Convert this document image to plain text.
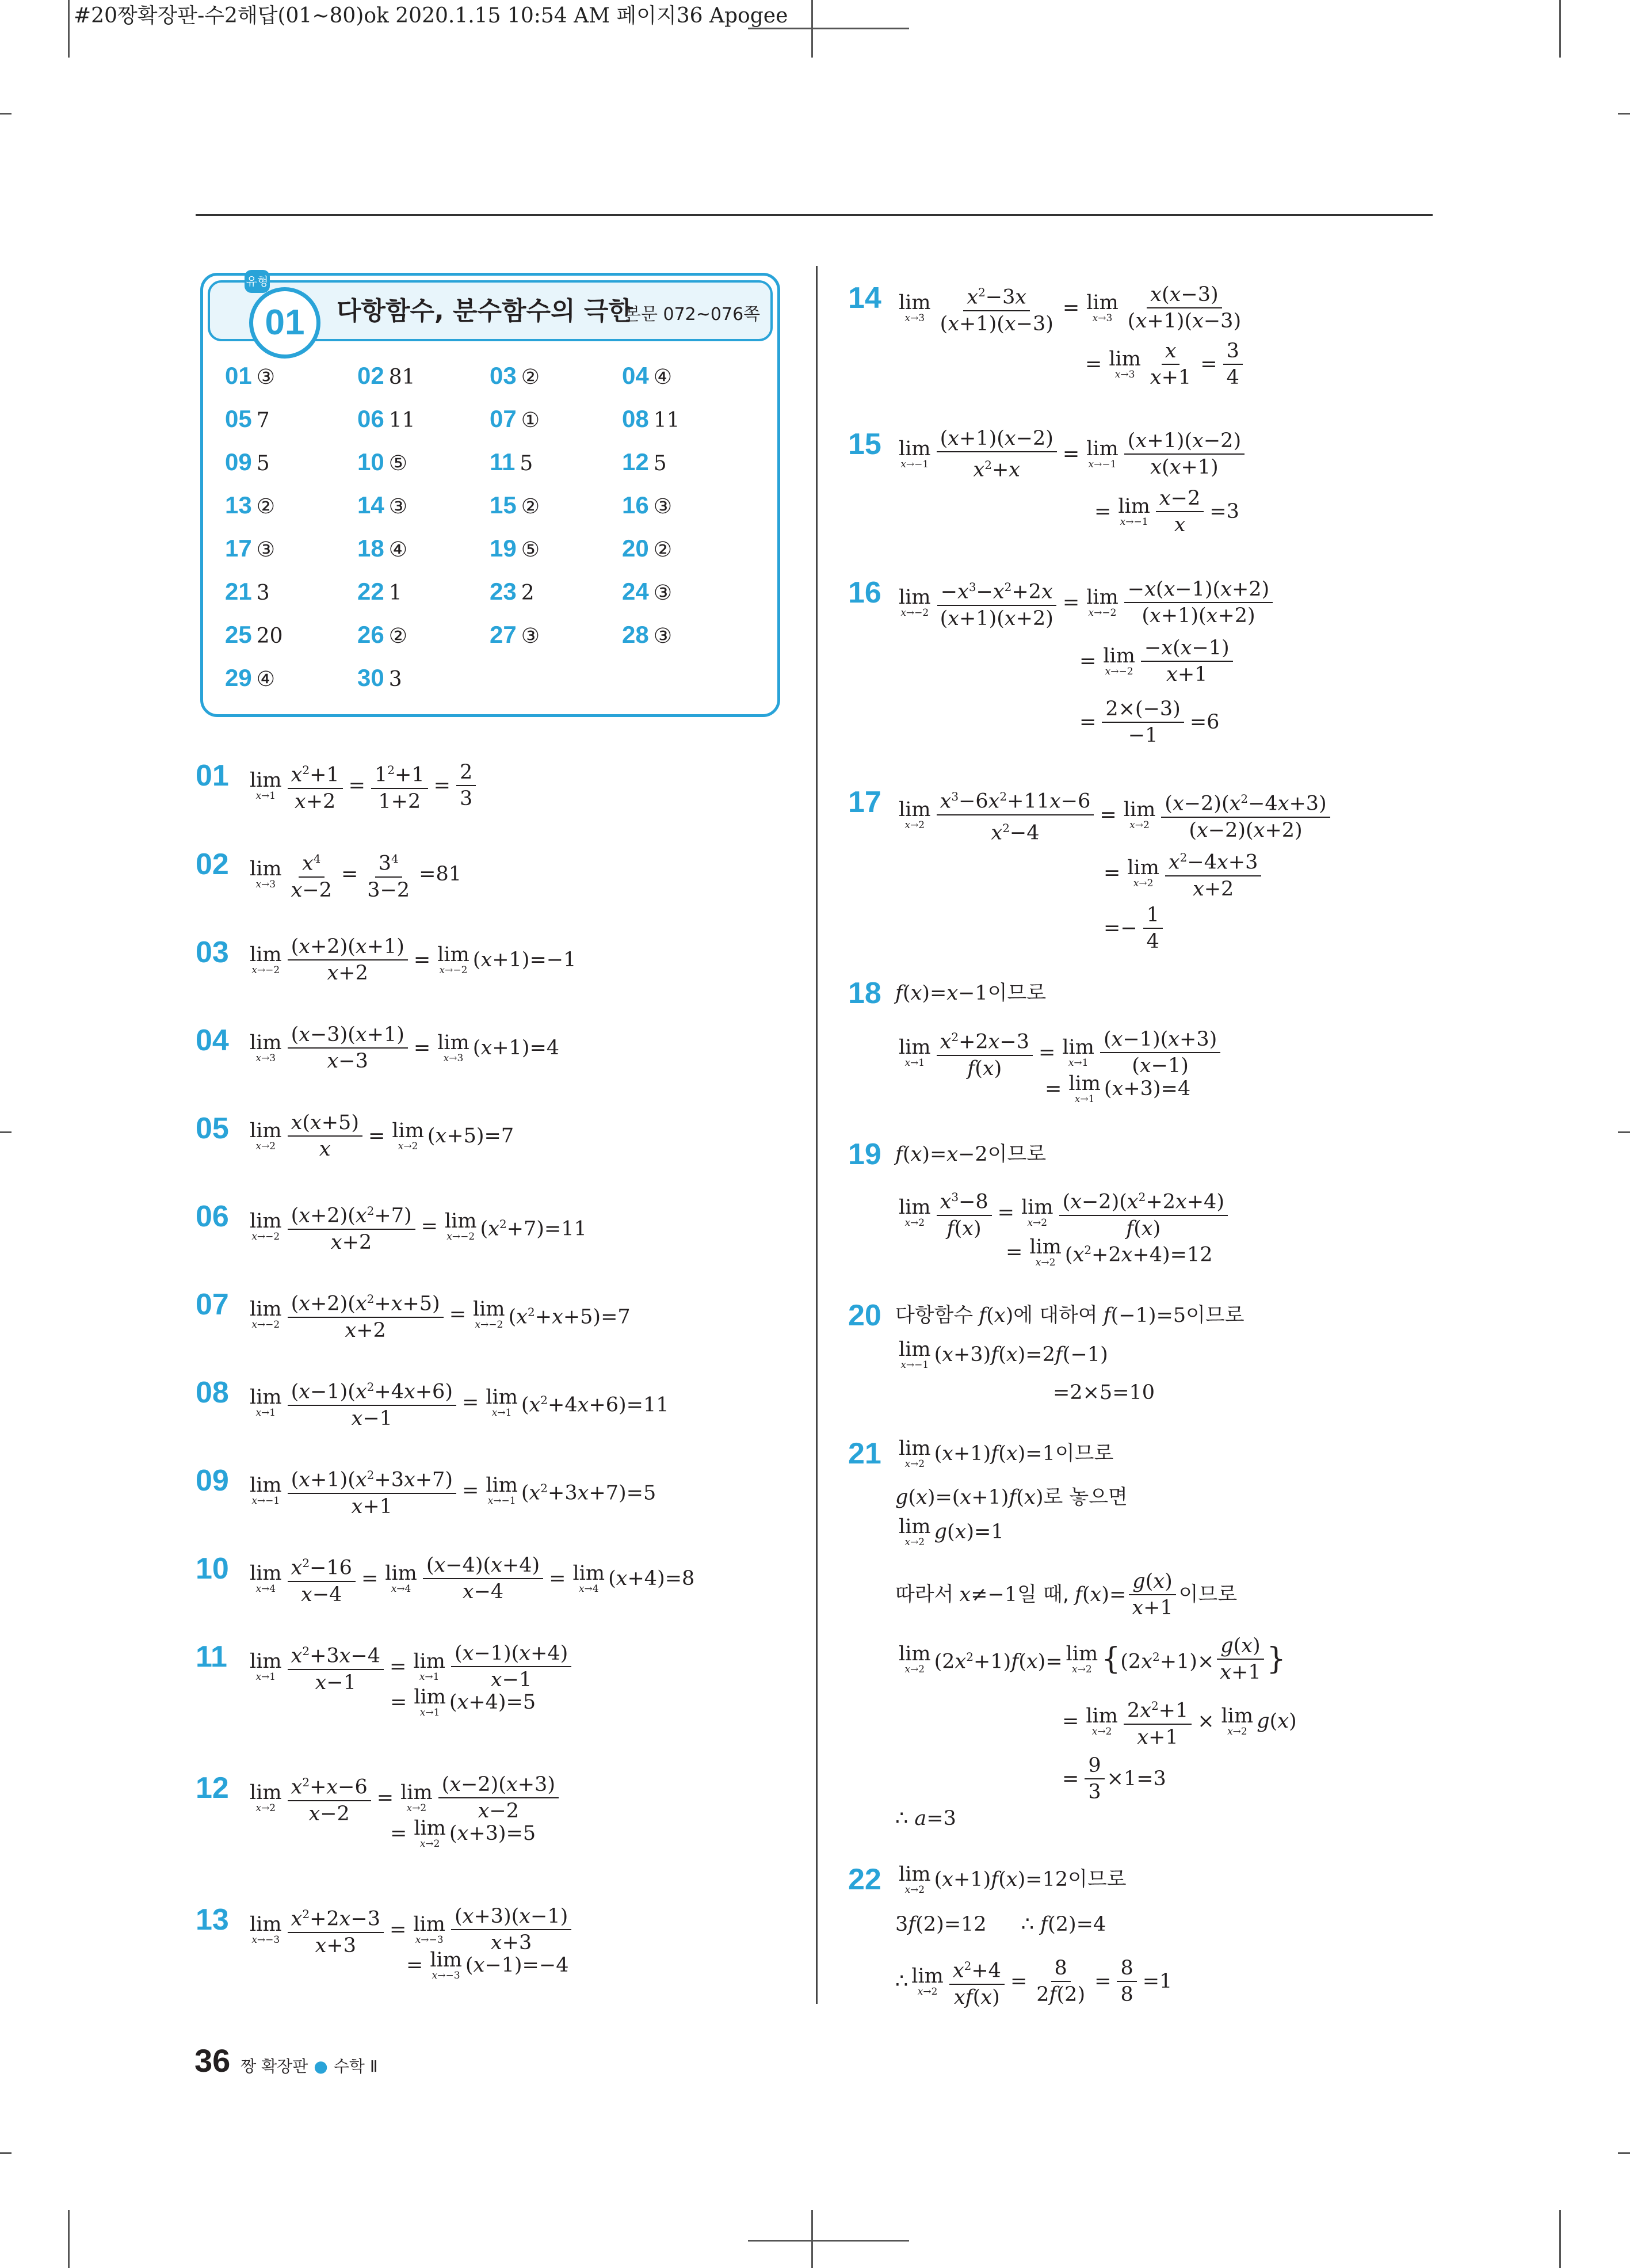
#20짱확장판-수2해답(01~80)ok 2020.1.15 10:54 AM 페이지36 Apogee
01
유형
다항함수, 분수함수의 극한
본문 072~076쪽
01 ③	02 81	03 ②	04 ④
05 7	06 11	07 ①	08 11
09 5	10 ⑤	11 5	12 5
13 ②	14 ③	15 ②	16 ③
17 ③	18 ④	19 ⑤	20 ②
21 3	22 1	23 2	24 ③
25 20	26 ②	27 ③	28 ③
29 ④	30 3
01 lim
$x\to 1 \frac{x^2+1}{x+2} = \frac{1^2+1}{1+2} = \frac{2}{3}$
02 lim
$x\to 3 \frac{x^4}{x-2} = \frac{3^4}{3-2} =81$
03 lim
$x\to-2 \frac{(x+2)(x+1)}{x+2} = \lim$
x→−2 (x+1)=−1
04 lim
$x\to 3 \frac{(x-3)(x+1)}{x-3} = \lim$
x→3 (x+1)=4
05 lim
$x\to 2 \frac{x(x+5)}{x} = \lim$
x→2 (x+5)=7
06 lim
$x\to-2 \frac{(x+2)(x^2+7)}{x+2} = \lim$
x→−2 $(x^2+7)=11$
07 lim
$x\to-2 \frac{(x+2)(x^2+x+5)}{x+2} = \lim$
x→−2 $(x^2+x+5)=7$
08 lim
$x\to 1 \frac{(x-1)(x^2+4x+6)}{x-1} = \lim$
x→1 $(x^2+4x+6)=11$
09 lim
$x\to-1 \frac{(x+1)(x^2+3x+7)}{x+1} = \lim$
x→−1 $(x^2+3x+7)=5$
10 lim
$x\to 4 \frac{x^2-16}{x-4} = \lim$
$x\to 4 \frac{(x-4)(x+4)}{x-4} = \lim$
x→4 (x+4)=8
11 lim
$x\to 1 \frac{x^2+3x-4}{x-1} = \lim$
$x\to 1 \frac{(x-1)(x+4)}{x-1}$
= lim
x→1 (x+4)=5
12 lim
$x\to 2 \frac{x^2+x-6}{x-2} = \lim$
$x\to 2 \frac{(x-2)(x+3)}{x-2}$
= lim
x→2 (x+3)=5
13 lim
$x\to-3 \frac{x^2+2x-3}{x+3} = \lim$
$x\to-3 \frac{(x+3)(x-1)}{x+3}$
= lim
x→−3 (x−1)=−4
14 lim
$x\to 3 \frac{x^2-3x}{(x+1)(x-3)} = \lim$
$x\to 3 \frac{x(x-3)}{(x+1)(x-3)}$
= lim
$x\to 3 \frac{x}{x+1} = \frac{3}{4}$
15 lim
$x\to-1 \frac{(x+1)(x-2)}{x^2+x} = \lim$
$x\to-1 \frac{(x+1)(x-2)}{x(x+1)}$
= lim
$x\to-1 \frac{x-2}{x} =3$
16 lim
$x\to-2 \frac{-x^3-x^2+2x}{(x+1)(x+2)} = \lim$
$x\to-2 \frac{-x(x-1)(x+2)}{(x+1)(x+2)}$
= lim
$x\to-2 \frac{-x(x-1)}{x+1}$
= $\frac{2\times(-3)}{-1} =6$
17 lim
$x\to 2 \frac{x^3-6x^2+11x-6}{x^2-4} = \lim$
$x\to 2 \frac{(x-2)(x^2-4x+3)}{(x-2)(x+2)}$
= lim
$x\to 2 \frac{x^2-4x+3}{x+2}$
=− $\frac{1}{4}$
18 f(x)=x−1 이므로
lim
$x\to 1 \frac{x^2+2x-3}{f(x)} = \lim$
$x\to 1 \frac{(x-1)(x+3)}{(x-1)}$
= lim
x→1 (x+3)=4
19 f(x)=x−2 이므로
lim
$x\to 2 \frac{x^3-8}{f(x)} = \lim$
$x\to 2 \frac{(x-2)(x^2+2x+4)}{f(x)}$
= lim
x→2 $(x^2+2x+4)=12$
20 다항함수 f(x) 에 대하여 f(−1)=5 이므로
lim
x→−1 (x+3)f(x)=2f(−1)
=2×5=10
21 lim
x→2 (x+1)f(x)=1 이므로
g(x)=(x+1)f(x) 로 놓으면
lim
x→2 g(x)=1
따라서 x≠−1 일 때, $f(x)= \frac{g(x)}{x+1}$ 이므로
lim
x→2 $(2x^2+1)f(x)= \lim$
x→2 { $(2x^2+1)\times \frac{g(x)}{x+1}$ }
= lim
$x\to 2 \frac{2x^2+1}{x+1} \times \lim$
x→2 g(x)
= $\frac{9}{3} \times 1=3$
∴ a=3
22 lim
x→2 (x+1)f(x)=12 이므로
3f(2)=12 ∴ f(2)=4
∴ lim
$x\to 2 \frac{x^2+4}{xf(x)} = \frac{8}{2f(2)} = \frac{8}{8} =1$
36 짱 확장판 ● 수학 Ⅱ
